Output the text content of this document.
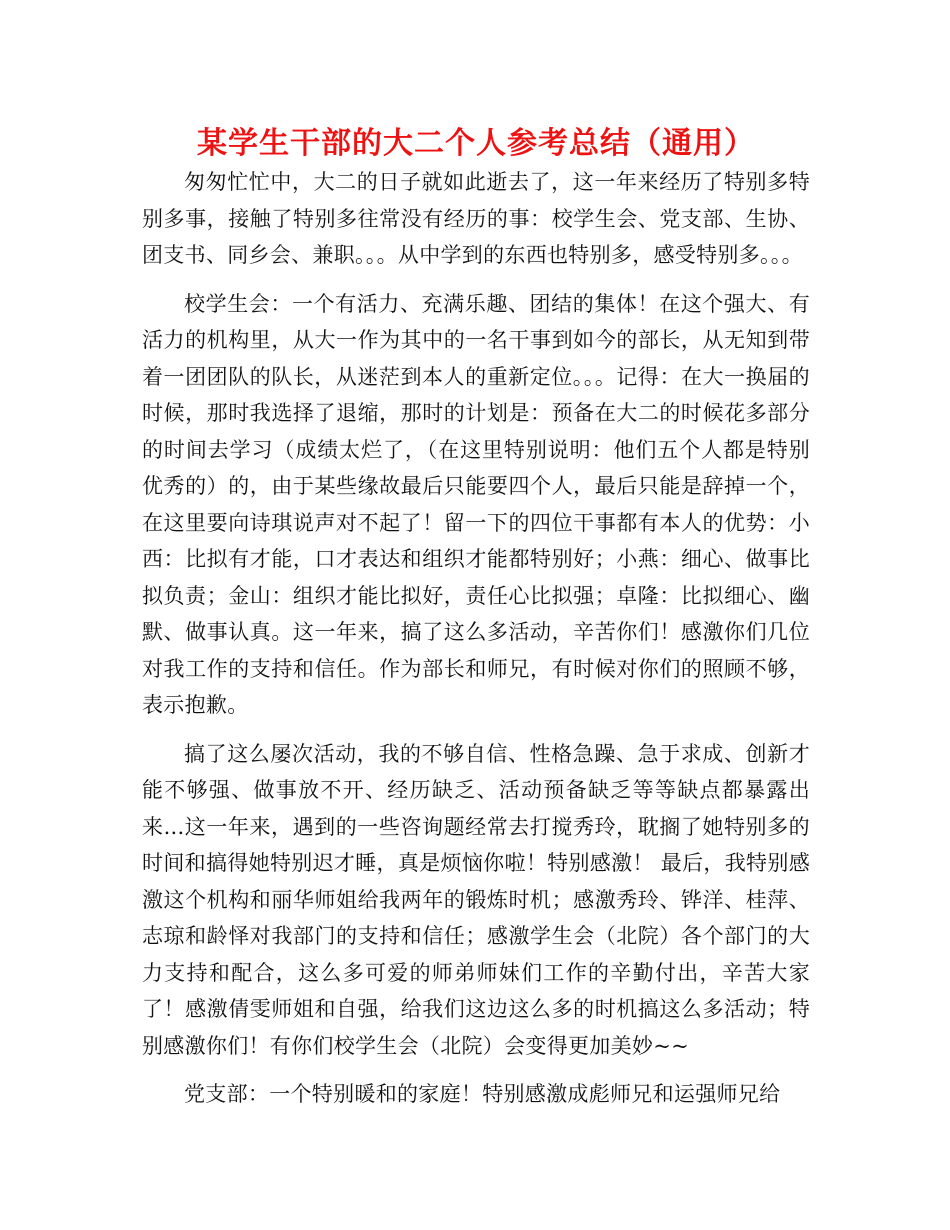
某学生干部的大二个人参考总结（通用）

匆匆忙忙中，大二的日子就如此逝去了，这一年来经历了特别多特别多事，接触了特别多往常没有经历的事：校学生会、党支部、生协、团支书、同乡会、兼职。。。从中学到的东西也特别多，感受特别多。。。

校学生会：一个有活力、充满乐趣、团结的集体！在这个强大、有活力的机构里，从大一作为其中的一名干事到如今的部长，从无知到带着一团团队的队长，从迷茫到本人的重新定位。。。记得：在大一换届的时候，那时我选择了退缩，那时的计划是：预备在大二的时候花多部分的时间去学习（成绩太烂了，（在这里特别说明：他们五个人都是特别优秀的）的，由于某些缘故最后只能要四个人，最后只能是辞掉一个，在这里要向诗琪说声对不起了！留一下的四位干事都有本人的优势：小西：比拟有才能，口才表达和组织才能都特别好；小燕：细心、做事比拟负责；金山：组织才能比拟好，责任心比拟强；卓隆：比拟细心、幽默、做事认真。这一年来，搞了这么多活动，辛苦你们！感激你们几位对我工作的支持和信任。作为部长和师兄，有时候对你们的照顾不够，表示抱歉。

搞了这么屡次活动，我的不够自信、性格急躁、急于求成、创新才能不够强、做事放不开、经历缺乏、活动预备缺乏等等缺点都暴露出来...这一年来，遇到的一些咨询题经常去打搅秀玲，耽搁了她特别多的时间和搞得她特别迟才睡，真是烦恼你啦！特别感激！ 最后，我特别感激这个机构和丽华师姐给我两年的锻炼时机；感激秀玲、铧洋、桂萍、志琼和龄怿对我部门的支持和信任；感激学生会（北院）各个部门的大力支持和配合，这么多可爱的师弟师妹们工作的辛勤付出，辛苦大家了！感激倩雯师姐和自强，给我们这边这么多的时机搞这么多活动；特别感激你们！有你们校学生会（北院）会变得更加美妙~~

党支部：一个特别暖和的家庭！特别感激成彪师兄和运强师兄给
